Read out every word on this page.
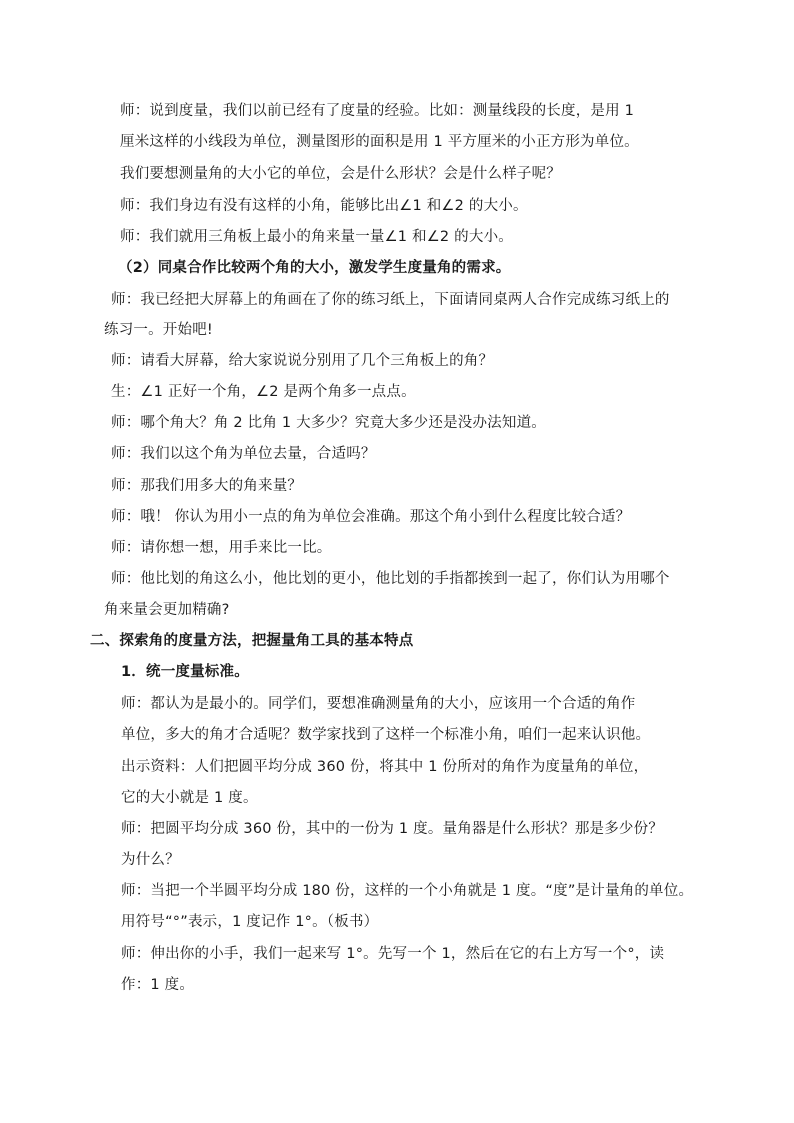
师：说到度量，我们以前已经有了度量的经验。比如：测量线段的长度，是用 1
厘米这样的小线段为单位，测量图形的面积是用 1 平方厘米的小正方形为单位。
我们要想测量角的大小它的单位，会是什么形状？会是什么样子呢？
师：我们身边有没有这样的小角，能够比出∠1 和∠2 的大小。
师：我们就用三角板上最小的角来量一量∠1 和∠2 的大小。
（2）同桌合作比较两个角的大小，激发学生度量角的需求。
师：我已经把大屏幕上的角画在了你的练习纸上，下面请同桌两人合作完成练习纸上的
练习一。开始吧!
师：请看大屏幕，给大家说说分别用了几个三角板上的角？
生：∠1 正好一个角，∠2 是两个角多一点点。
师：哪个角大？角 2 比角 1 大多少？究竟大多少还是没办法知道。
师：我们以这个角为单位去量，合适吗？
师：那我们用多大的角来量？
师：哦！ 你认为用小一点的角为单位会准确。那这个角小到什么程度比较合适？
师：请你想一想，用手来比一比。
师：他比划的角这么小，他比划的更小，他比划的手指都挨到一起了，你们认为用哪个
角来量会更加精确?
二、探索角的度量方法，把握量角工具的基本特点
1．统一度量标准。
师：都认为是最小的。同学们，要想准确测量角的大小，应该用一个合适的角作
单位，多大的角才合适呢？数学家找到了这样一个标准小角，咱们一起来认识他。
出示资料：人们把圆平均分成 360 份，将其中 1 份所对的角作为度量角的单位，
它的大小就是 1 度。
师：把圆平均分成 360 份，其中的一份为 1 度。量角器是什么形状？那是多少份？
为什么？
师：当把一个半圆平均分成 180 份，这样的一个小角就是 1 度。“度”是计量角的单位。
用符号“°”表示，1 度记作 1°。（板书）
师：伸出你的小手，我们一起来写 1°。先写一个 1，然后在它的右上方写一个°，读
作：1 度。
